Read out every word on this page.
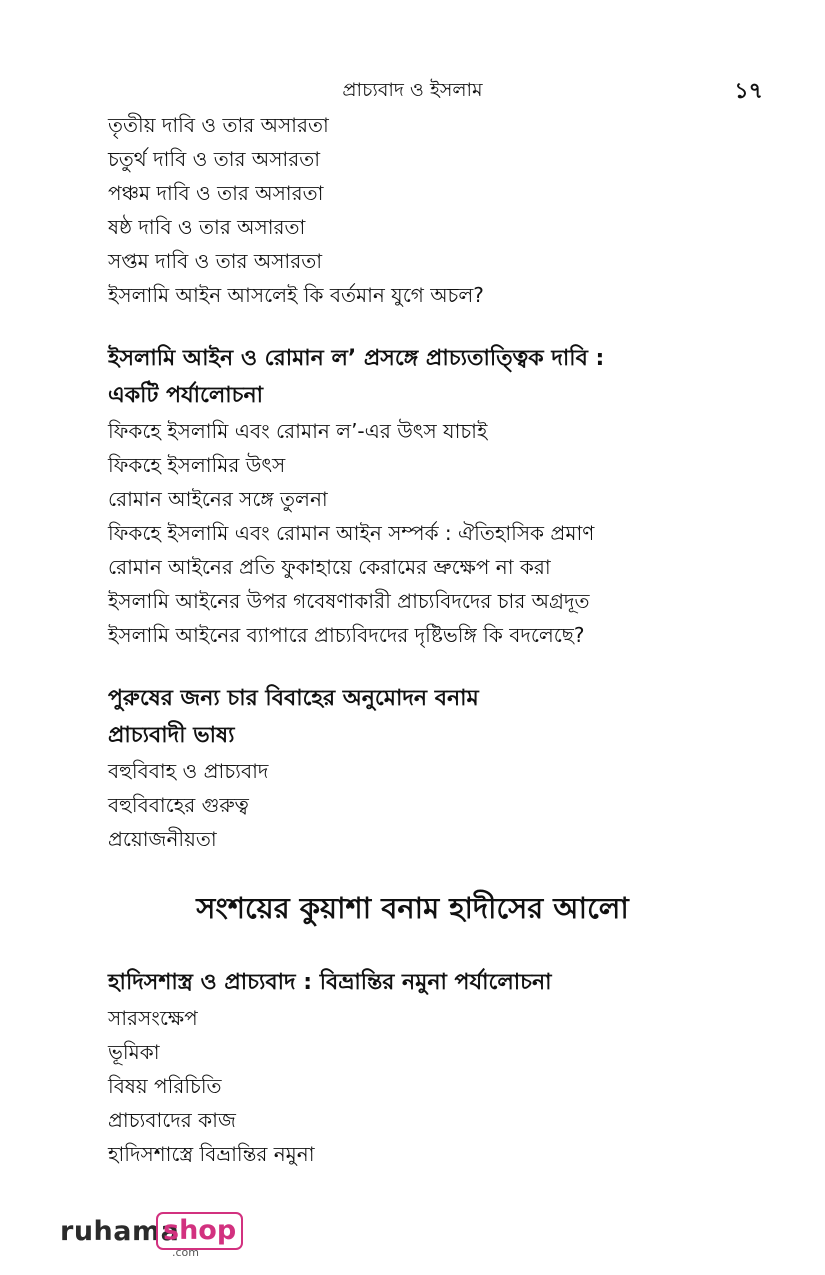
প্রাচ্যবাদ ও ইসলাম	১৭
তৃতীয় দাবি ও তার অসারতা
চতুর্থ দাবি ও তার অসারতা
পঞ্চম দাবি ও তার অসারতা
ষষ্ঠ দাবি ও তার অসারতা
সপ্তম দাবি ও তার অসারতা
ইসলামি আইন আসলেই কি বর্তমান যুগে অচল?
ইসলামি আইন ও রোমান ল’ প্রসঙ্গে প্রাচ্যতাত্ত্বিক দাবি :
একটি পর্যালোচনা
ফিকহে ইসলামি এবং রোমান ল’-এর উৎস যাচাই
ফিকহে ইসলামির উৎস
রোমান আইনের সঙ্গে তুলনা
ফিকহে ইসলামি এবং রোমান আইন সম্পর্ক : ঐতিহাসিক প্রমাণ
রোমান আইনের প্রতি ফুকাহায়ে কেরামের ভ্রুক্ষেপ না করা
ইসলামি আইনের উপর গবেষণাকারী প্রাচ্যবিদদের চার অগ্রদূত
ইসলামি আইনের ব্যাপারে প্রাচ্যবিদদের দৃষ্টিভঙ্গি কি বদলেছে?
পুরুষের জন্য চার বিবাহের অনুমোদন বনাম
প্রাচ্যবাদী ভাষ্য
বহুবিবাহ ও প্রাচ্যবাদ
বহুবিবাহের গুরুত্ব
প্রয়োজনীয়তা
সংশয়ের কুয়াশা বনাম হাদীসের আলো
হাদিসশাস্ত্র ও প্রাচ্যবাদ : বিভ্রান্তির নমুনা পর্যালোচনা
সারসংক্ষেপ
ভূমিকা
বিষয় পরিচিতি
প্রাচ্যবাদের কাজ
হাদিসশাস্ত্রে বিভ্রান্তির নমুনা
ruhama
shop
.com
